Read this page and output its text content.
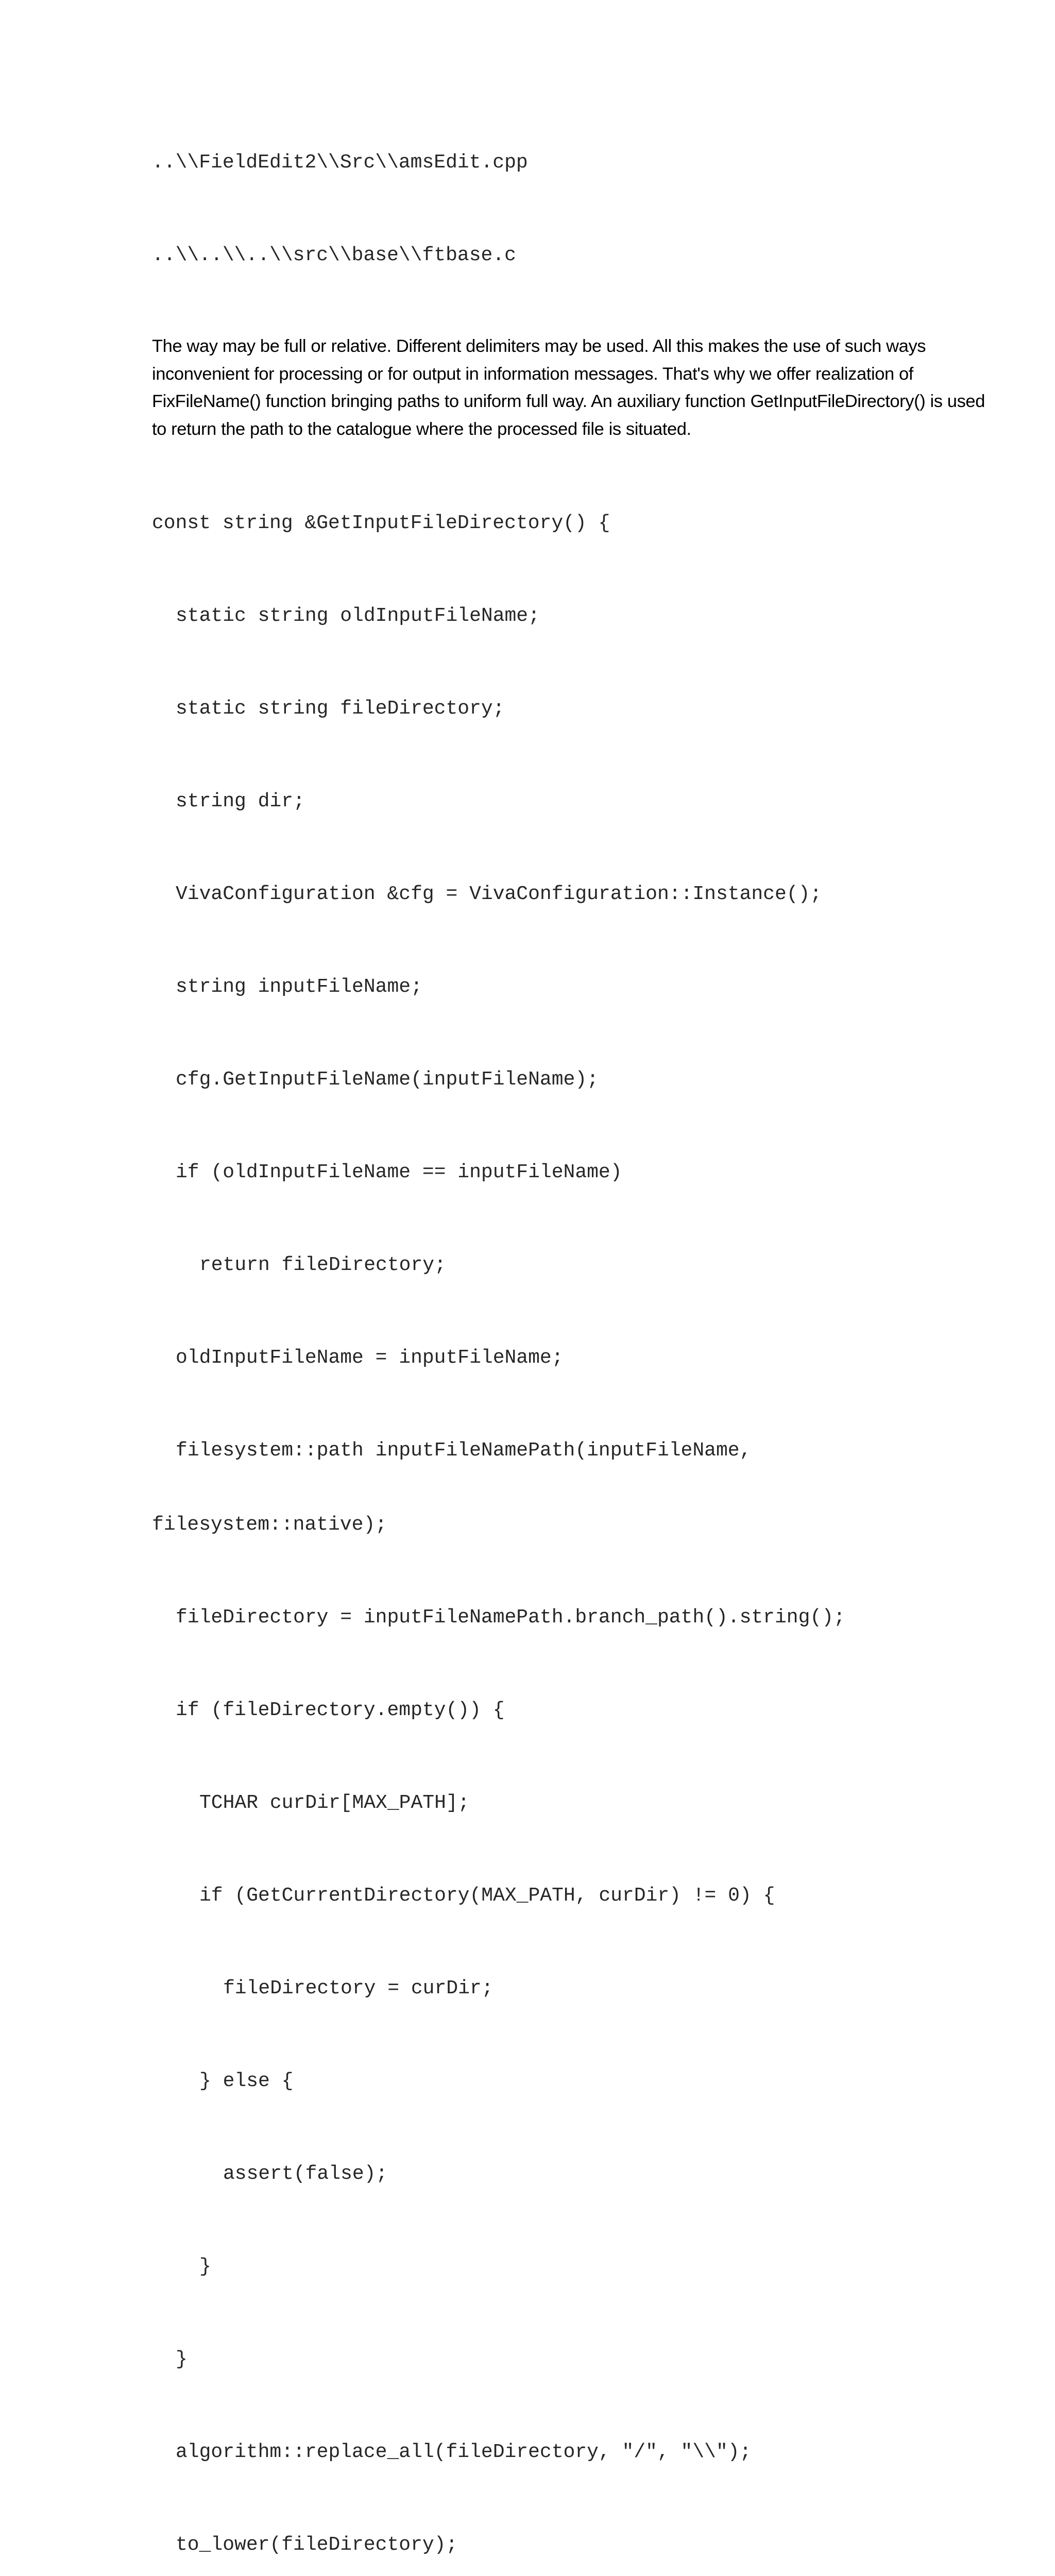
..\\FieldEdit2\\Src\\amsEdit.cpp

..\\..\\..\\src\\base\\ftbase.c

The way may be full or relative. Different delimiters may be used. All this makes the use of such ways inconvenient for processing or for output in information messages. That's why we offer realization of FixFileName() function bringing paths to uniform full way. An auxiliary function GetInputFileDirectory() is used to return the path to the catalogue where the processed file is situated.

const string &GetInputFileDirectory() {

static string oldInputFileName;

static string fileDirectory;

string dir;

VivaConfiguration &cfg = VivaConfiguration::Instance();

string inputFileName;

cfg.GetInputFileName(inputFileName);

if (oldInputFileName == inputFileName)

return fileDirectory;

oldInputFileName = inputFileName;

filesystem::path inputFileNamePath(inputFileName,

filesystem::native);

fileDirectory = inputFileNamePath.branch_path().string();

if (fileDirectory.empty()) {

TCHAR curDir[MAX_PATH];

if (GetCurrentDirectory(MAX_PATH, curDir) != 0) {

fileDirectory = curDir;

} else {

assert(false);

}

}

algorithm::replace_all(fileDirectory, "/", "\\");

to_lower(fileDirectory);
